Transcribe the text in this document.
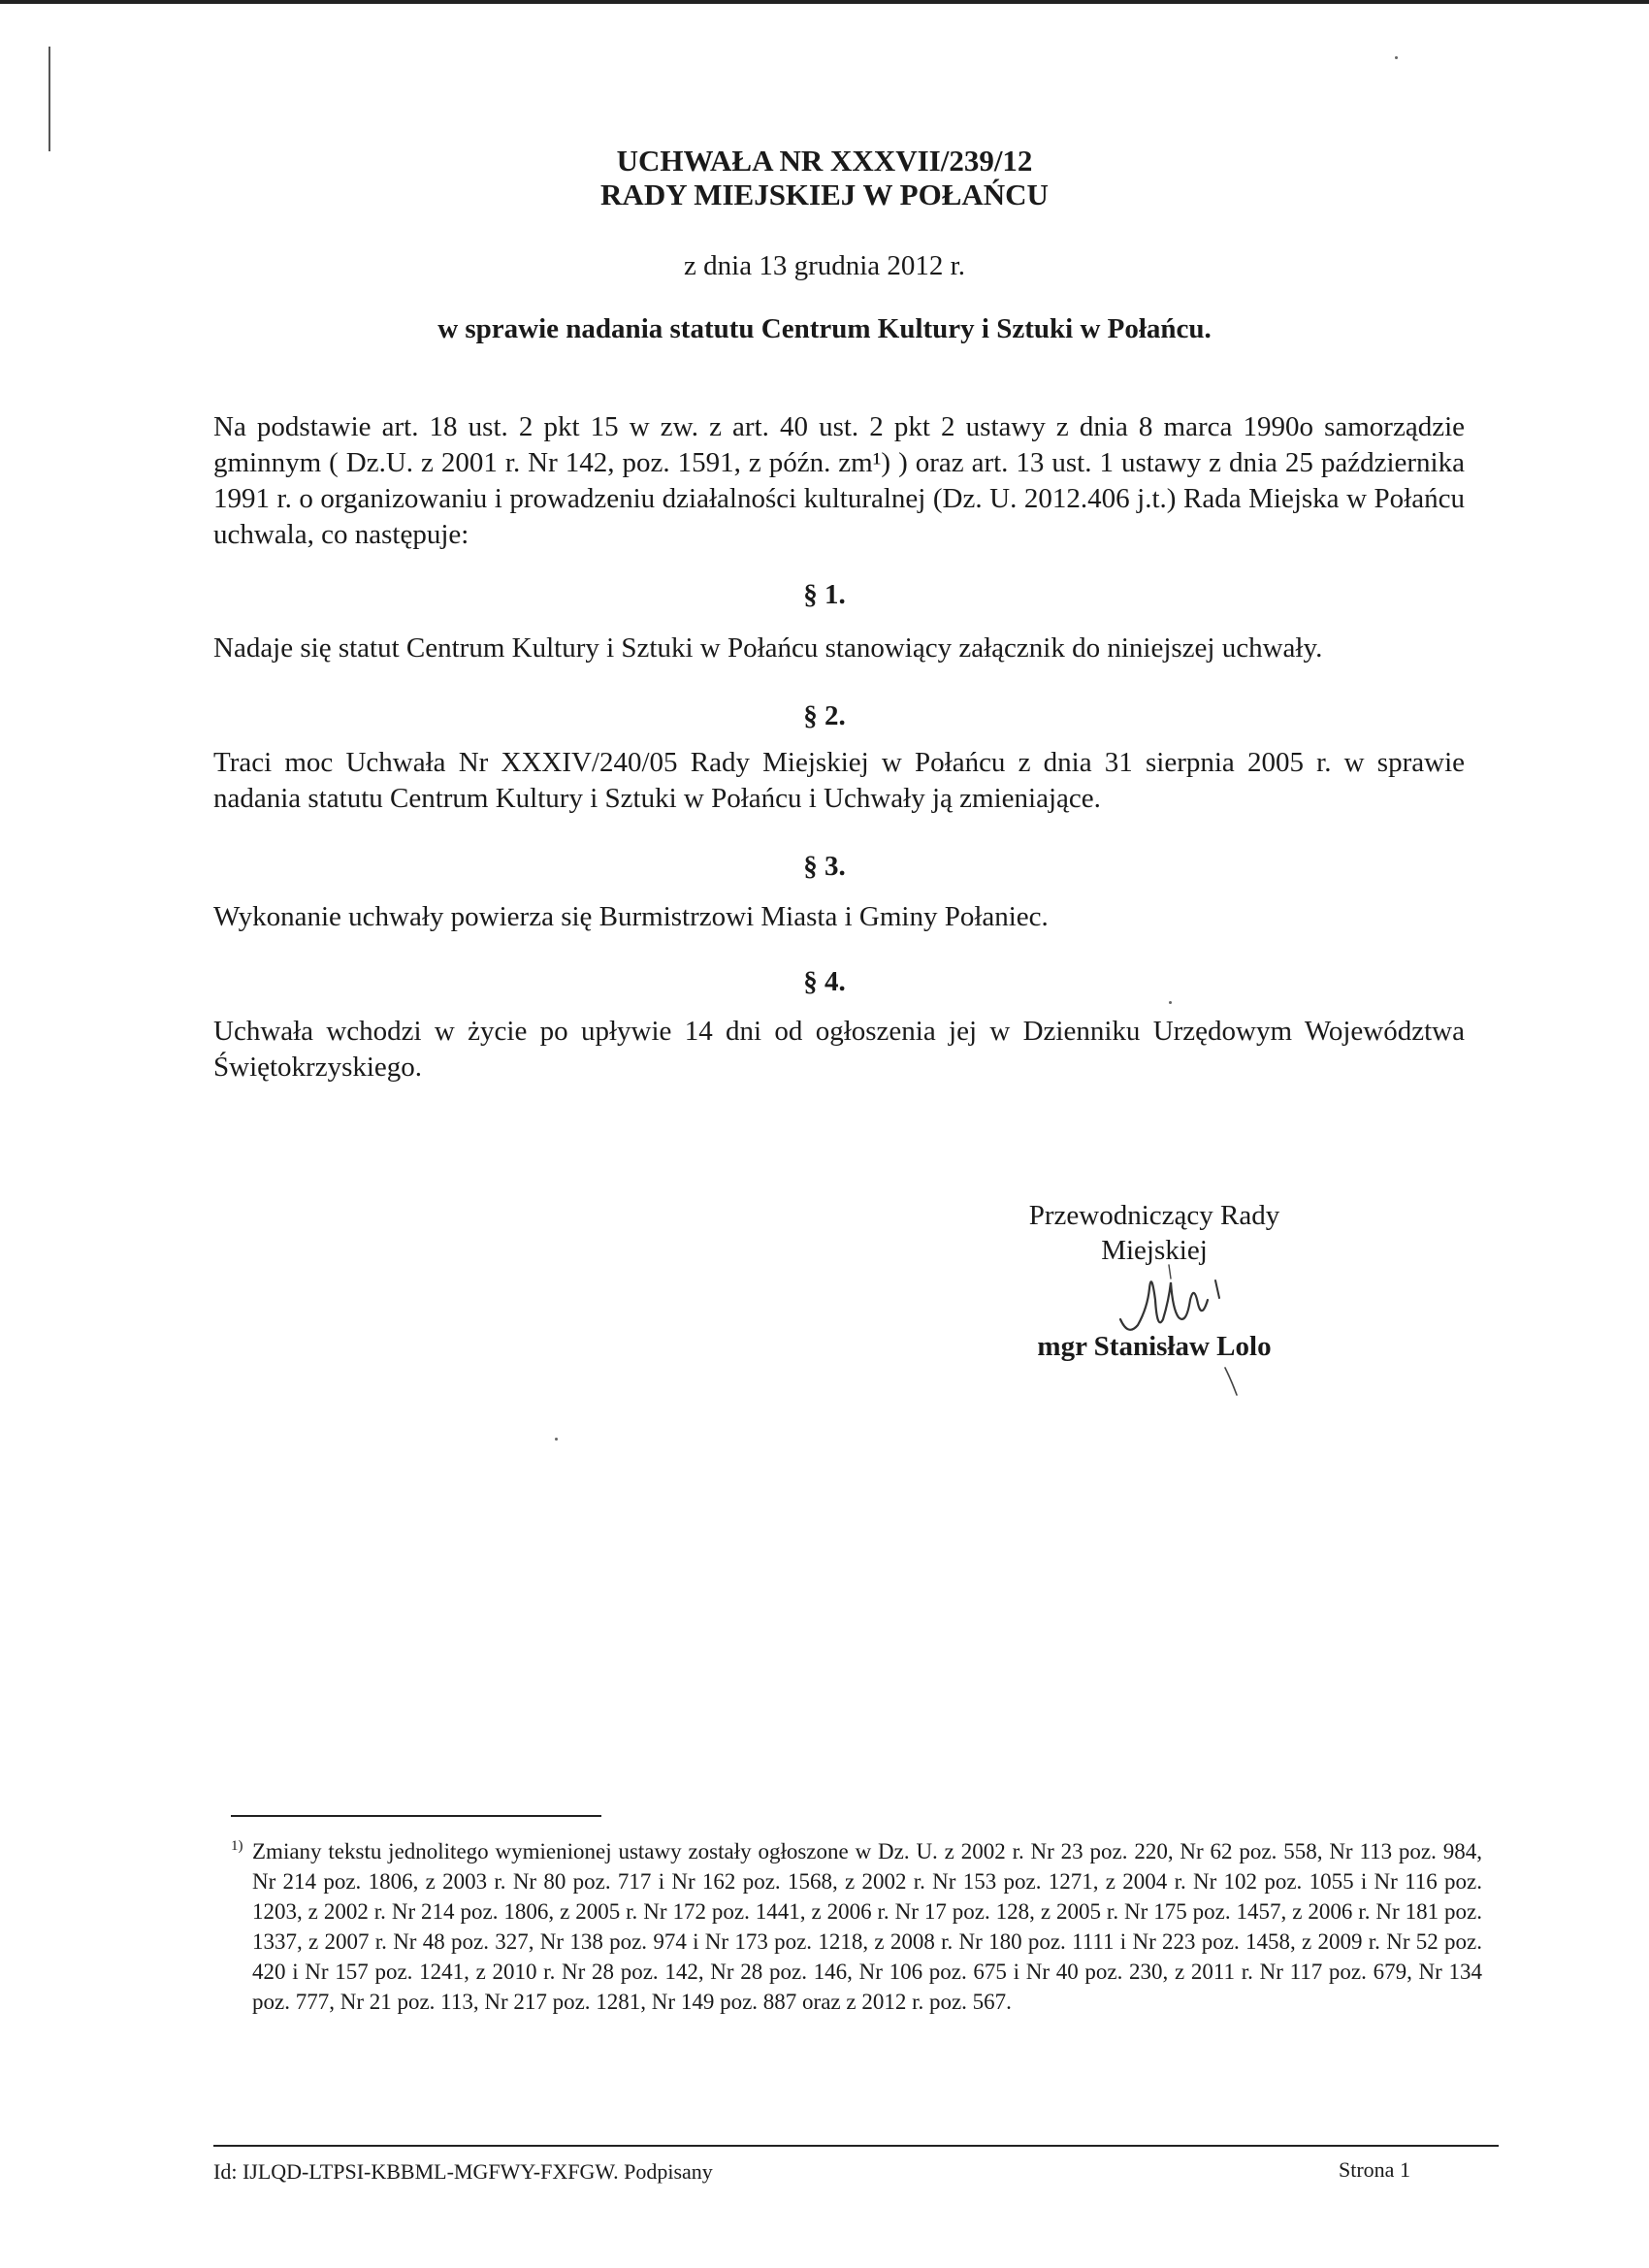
UCHWAŁA NR XXXVII/239/12
RADY MIEJSKIEJ W POŁAŃCU
z dnia 13 grudnia 2012 r.
w sprawie nadania statutu Centrum Kultury i Sztuki w Połańcu.
Na podstawie art. 18 ust. 2 pkt 15 w zw. z art. 40 ust. 2 pkt 2 ustawy z dnia 8 marca 1990o samorządzie gminnym ( Dz.U. z 2001 r. Nr 142, poz. 1591, z późn. zm¹) ) oraz art. 13 ust. 1 ustawy z dnia 25 października 1991 r. o organizowaniu i prowadzeniu działalności kulturalnej (Dz. U. 2012.406 j.t.) Rada Miejska w Połańcu uchwala, co następuje:
§ 1.
Nadaje się statut Centrum Kultury i Sztuki w Połańcu stanowiący załącznik do niniejszej uchwały.
§ 2.
Traci moc Uchwała Nr XXXIV/240/05 Rady Miejskiej w Połańcu z dnia 31 sierpnia 2005 r. w sprawie nadania statutu Centrum Kultury i Sztuki w Połańcu i Uchwały ją zmieniające.
§ 3.
Wykonanie uchwały powierza się Burmistrzowi Miasta i Gminy Połaniec.
§ 4.
Uchwała wchodzi w życie po upływie 14 dni od ogłoszenia jej w Dzienniku Urzędowym Województwa Świętokrzyskiego.
Przewodniczący Rady
Miejskiej
mgr Stanisław Lolo
$^{1)}$ Zmiany tekstu jednolitego wymienionej ustawy zostały ogłoszone w Dz. U. z 2002 r. Nr 23 poz. 220, Nr 62 poz. 558, Nr 113 poz. 984, Nr 214 poz. 1806, z 2003 r. Nr 80 poz. 717 i Nr 162 poz. 1568, z 2002 r. Nr 153 poz. 1271, z 2004 r. Nr 102 poz. 1055 i Nr 116 poz. 1203, z 2002 r. Nr 214 poz. 1806, z 2005 r. Nr 172 poz. 1441, z 2006 r. Nr 17 poz. 128, z 2005 r. Nr 175 poz. 1457, z 2006 r. Nr 181 poz. 1337, z 2007 r. Nr 48 poz. 327, Nr 138 poz. 974 i Nr 173 poz. 1218, z 2008 r. Nr 180 poz. 1111 i Nr 223 poz. 1458, z 2009 r. Nr 52 poz. 420 i Nr 157 poz. 1241, z 2010 r. Nr 28 poz. 142, Nr 28 poz. 146, Nr 106 poz. 675 i Nr 40 poz. 230, z 2011 r. Nr 117 poz. 679, Nr 134 poz. 777, Nr 21 poz. 113, Nr 217 poz. 1281, Nr 149 poz. 887 oraz z 2012 r. poz. 567.
Id: IJLQD-LTPSI-KBBML-MGFWY-FXFGW. Podpisany	Strona 1
